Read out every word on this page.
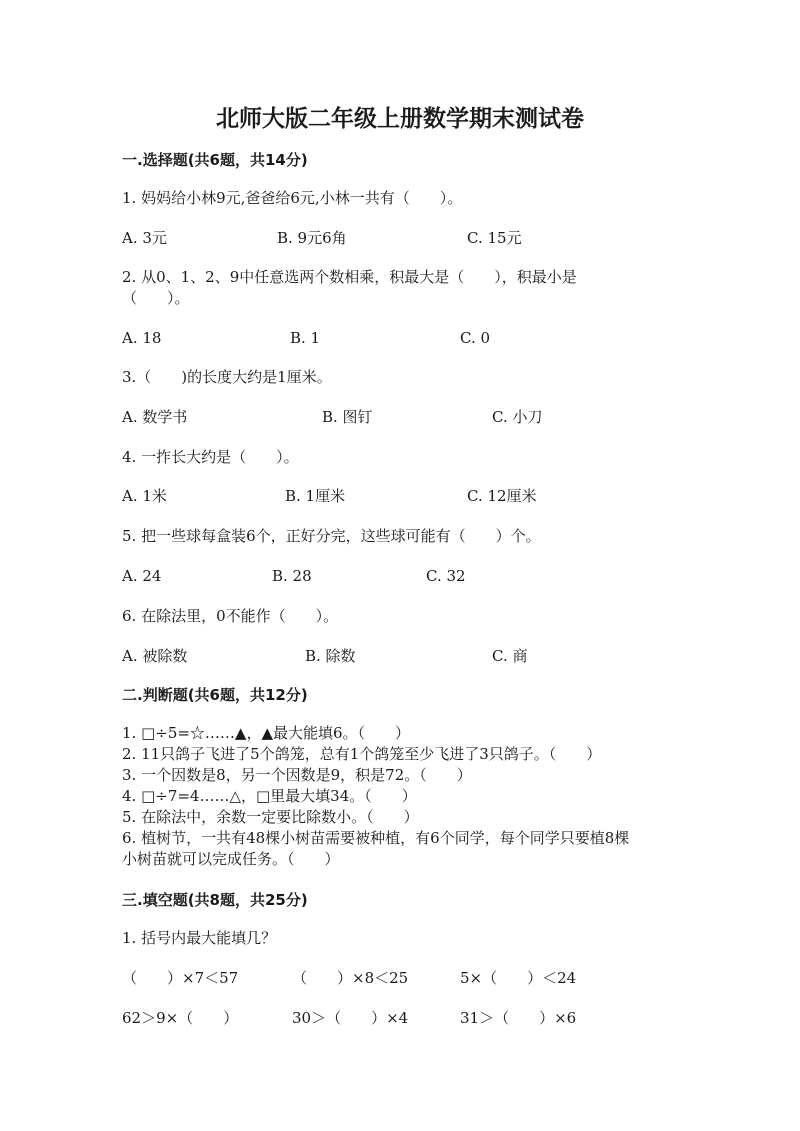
北师大版二年级上册数学期末测试卷
一.选择题(共6题，共14分)
1. 妈妈给小林9元,爸爸给6元,小林一共有（　　）。
A. 3元	B. 9元6角	C. 15元
2. 从0、1、2、9中任意选两个数相乘，积最大是（　　），积最小是
（　　）。
A. 18	B. 1	C. 0
3.（　　)的长度大约是1厘米。
A. 数学书	B. 图钉	C. 小刀
4. 一拃长大约是（　　）。
A. 1米	B. 1厘米	C. 12厘米
5. 把一些球每盒装6个，正好分完，这些球可能有（　　）个。
A. 24	B. 28	C. 32
6. 在除法里，0不能作（　　）。
A. 被除数	B. 除数	C. 商
二.判断题(共6题，共12分)
1. □÷5=☆……▲，▲最大能填6。（　　）
2. 11只鸽子飞进了5个鸽笼，总有1个鸽笼至少飞进了3只鸽子。（　　）
3. 一个因数是8，另一个因数是9，积是72。（　　）
4. □÷7=4……△，□里最大填34。（　　）
5. 在除法中，余数一定要比除数小。（　　）
6. 植树节，一共有48棵小树苗需要被种植，有6个同学，每个同学只要植8棵
小树苗就可以完成任务。（　　）
三.填空题(共8题，共25分)
1. 括号内最大能填几？
（　　）×7＜57	（　　）×8＜25	5×（　　）＜24
62＞9×（　　）	30＞（　　）×4	31＞（　　）×6
